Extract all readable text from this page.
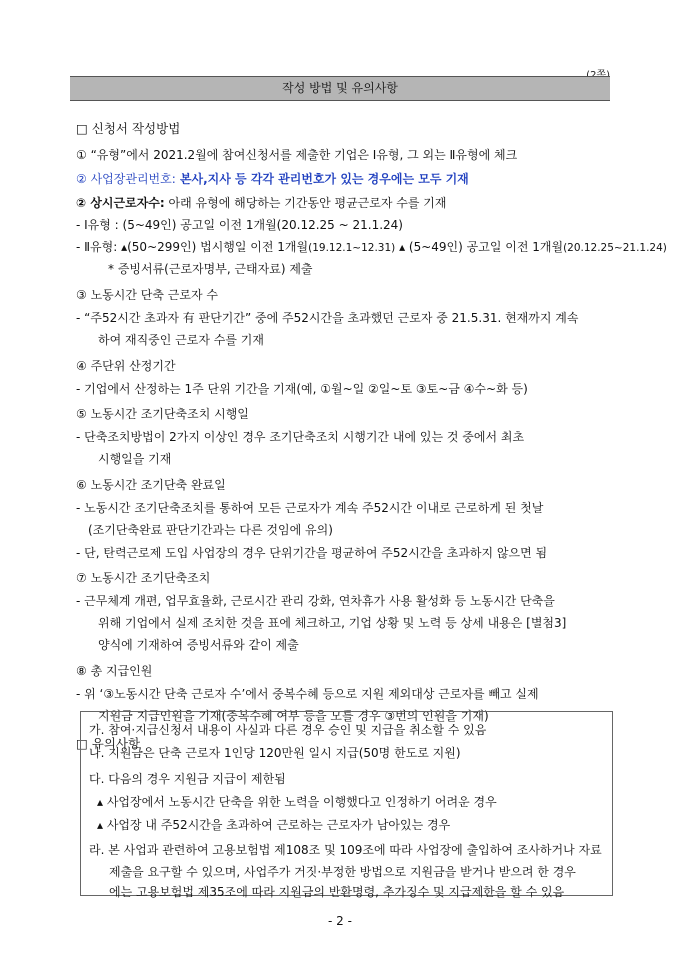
작성 방법 및 유의사항
□ 신청서 작성방법
① “유형”에서 2021.2월에 참여신청서를 제출한 기업은 Ⅰ유형, 그 외는 Ⅱ유형에 체크
② 사업장관리번호: 본사,지사 등 각각 관리번호가 있는 경우에는 모두 기재
② 상시근로자수: 아래 유형에 해당하는 기간동안 평균근로자 수를 기재
- Ⅰ유형 : (5~49인) 공고일 이전 1개월(20.12.25 ~ 21.1.24)
- Ⅱ유형: ▴(50~299인) 법시행일 이전 1개월(19.12.1~12.31) ▴ (5~49인) 공고일 이전 1개월(20.12.25~21.1.24)
* 증빙서류(근로자명부, 근태자료) 제출
③ 노동시간 단축 근로자 수
- “주52시간 초과자 有 판단기간” 중에 주52시간을 초과했던 근로자 중 21.5.31. 현재까지 계속
하여 재직중인 근로자 수를 기재
④ 주단위 산정기간
- 기업에서 산정하는 1주 단위 기간을 기재(예, ①월~일 ②일~토 ③토~금 ④수~화 등)
⑤ 노동시간 조기단축조치 시행일
- 단축조치방법이 2가지 이상인 경우 조기단축조치 시행기간 내에 있는 것 중에서 최초
시행일을 기재
⑥ 노동시간 조기단축 완료일
- 노동시간 조기단축조치를 통하여 모든 근로자가 계속 주52시간 이내로 근로하게 된 첫날
(조기단축완료 판단기간과는 다른 것임에 유의)
- 단, 탄력근로제 도입 사업장의 경우 단위기간을 평균하여 주52시간을 초과하지 않으면 됨
⑦ 노동시간 조기단축조치
- 근무체계 개편, 업무효율화, 근로시간 관리 강화, 연차휴가 사용 활성화 등 노동시간 단축을
위해 기업에서 실제 조치한 것을 표에 체크하고, 기업 상황 및 노력 등 상세 내용은 [별첨3]
양식에 기재하여 증빙서류와 같이 제출
⑧ 총 지급인원
- 위 ‘③노동시간 단축 근로자 수’에서 중복수혜 등으로 지원 제외대상 근로자를 빼고 실제
지원금 지급인원을 기재(중복수혜 여부 등을 모를 경우 ③번의 인원을 기재)
□ 유의사항
가. 참여·지급신청서 내용이 사실과 다른 경우 승인 및 지급을 취소할 수 있음
나. 지원금은 단축 근로자 1인당 120만원 일시 지급(50명 한도로 지원)
다. 다음의 경우 지원금 지급이 제한됨
▴ 사업장에서 노동시간 단축을 위한 노력을 이행했다고 인정하기 어려운 경우
▴ 사업장 내 주52시간을 초과하여 근로하는 근로자가 남아있는 경우
라. 본 사업과 관련하여 고용보험법 제108조 및 109조에 따라 사업장에 출입하여 조사하거나 자료
제출을 요구할 수 있으며, 사업주가 거짓·부정한 방법으로 지원금을 받거나 받으려 한 경우
에는 고용보험법 제35조에 따라 지원금의 반환명령, 추가징수 및 지급제한을 할 수 있음
- 2 -
